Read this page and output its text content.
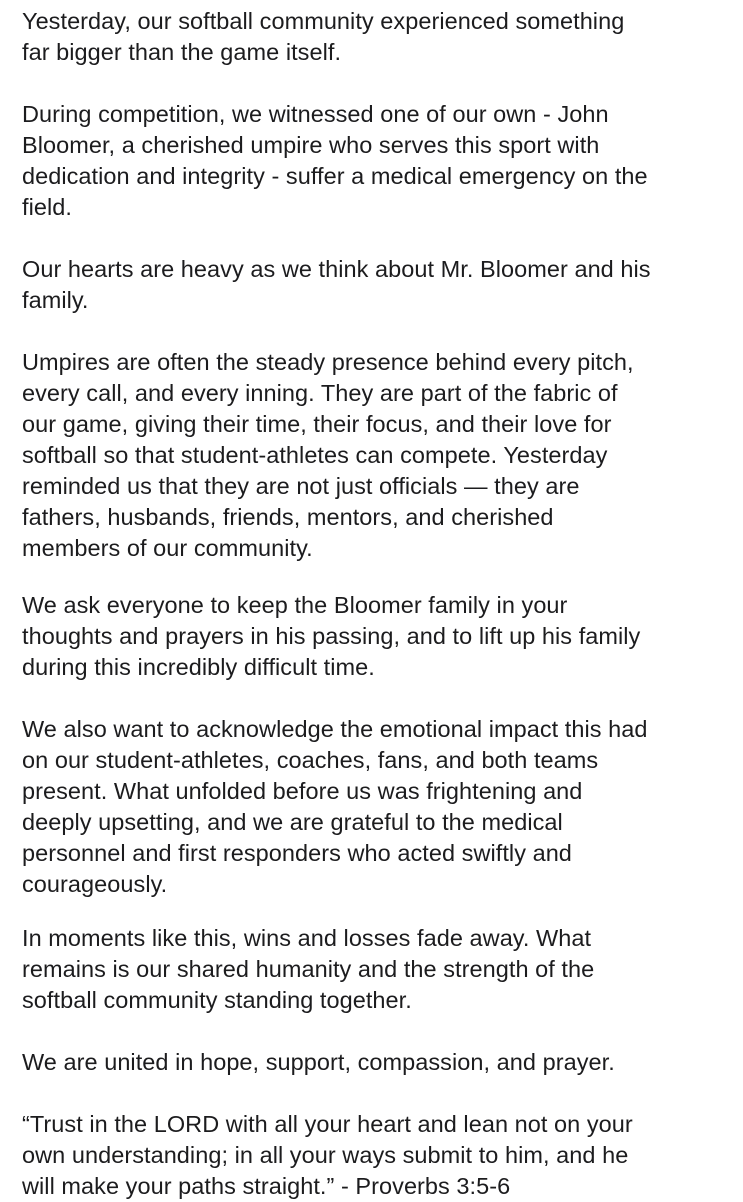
Yesterday, our softball community experienced something
far bigger than the game itself.

During competition, we witnessed one of our own - John
Bloomer, a cherished umpire who serves this sport with
dedication and integrity - suffer a medical emergency on the
field.

Our hearts are heavy as we think about Mr. Bloomer and his
family.

Umpires are often the steady presence behind every pitch,
every call, and every inning. They are part of the fabric of
our game, giving their time, their focus, and their love for
softball so that student-athletes can compete. Yesterday
reminded us that they are not just officials — they are
fathers, husbands, friends, mentors, and cherished
members of our community.

We ask everyone to keep the Bloomer family in your
thoughts and prayers in his passing, and to lift up his family
during this incredibly difficult time.

We also want to acknowledge the emotional impact this had
on our student-athletes, coaches, fans, and both teams
present. What unfolded before us was frightening and
deeply upsetting, and we are grateful to the medical
personnel and first responders who acted swiftly and
courageously.

In moments like this, wins and losses fade away. What
remains is our shared humanity and the strength of the
softball community standing together.

We are united in hope, support, compassion, and prayer.

“Trust in the LORD with all your heart and lean not on your
own understanding; in all your ways submit to him, and he
will make your paths straight.” - Proverbs 3:5-6
